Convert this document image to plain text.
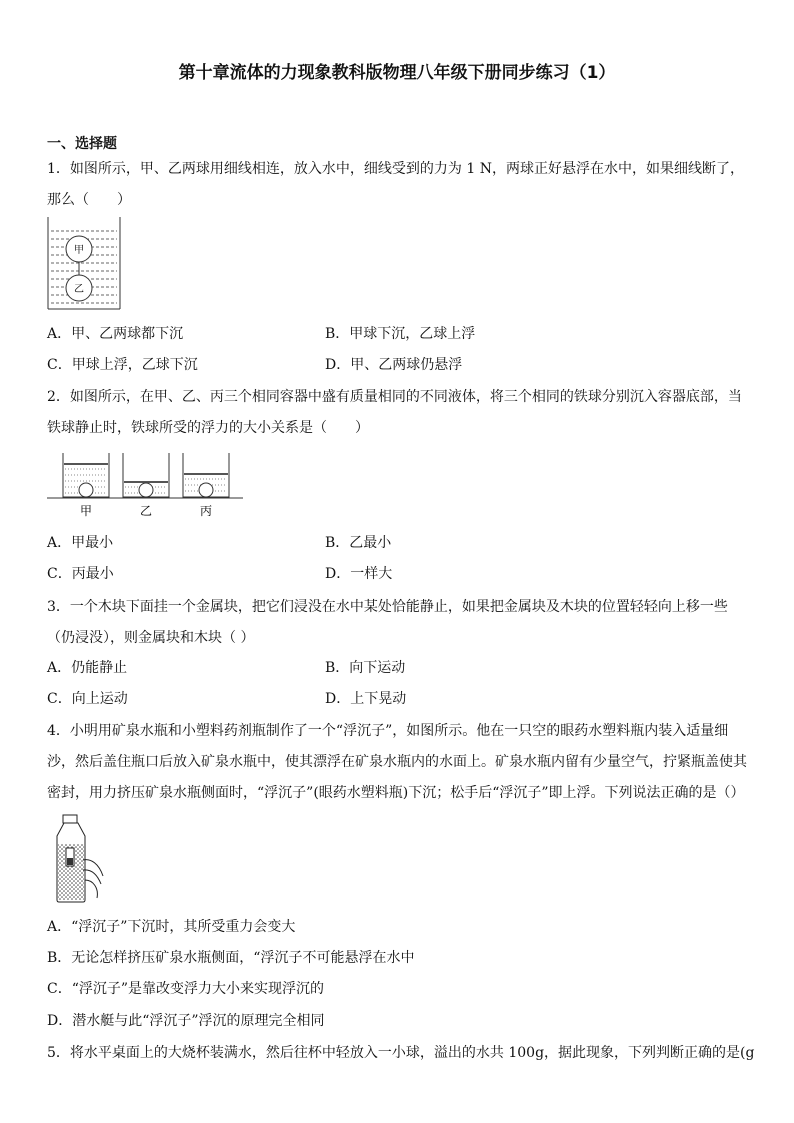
第十章流体的力现象教科版物理八年级下册同步练习（1）
一、选择题
1．如图所示，甲、乙两球用细线相连，放入水中，细线受到的力为 1 N，两球正好悬浮在水中，如果细线断了，那么（　　）
甲
乙
A．甲、乙两球都下沉	B．甲球下沉，乙球上浮
C．甲球上浮，乙球下沉	D．甲、乙两球仍悬浮
2．如图所示，在甲、乙、丙三个相同容器中盛有质量相同的不同液体，将三个相同的铁球分别沉入容器底部，当铁球静止时，铁球所受的浮力的大小关系是（　　）
甲	乙	丙
A．甲最小	B．乙最小
C．丙最小	D．一样大
3．一个木块下面挂一个金属块，把它们浸没在水中某处恰能静止，如果把金属块及木块的位置轻轻向上移一些（仍浸没），则金属块和木块（ ）
A．仍能静止	B．向下运动
C．向上运动	D．上下晃动
4．小明用矿泉水瓶和小塑料药剂瓶制作了一个“浮沉子”，如图所示。他在一只空的眼药水塑料瓶内装入适量细沙，然后盖住瓶口后放入矿泉水瓶中，使其漂浮在矿泉水瓶内的水面上。矿泉水瓶内留有少量空气，拧紧瓶盖使其密封，用力挤压矿泉水瓶侧面时，“浮沉子”(眼药水塑料瓶)下沉；松手后“浮沉子”即上浮。下列说法正确的是（）
A．“浮沉子”下沉时，其所受重力会变大
B．无论怎样挤压矿泉水瓶侧面，“浮沉子不可能悬浮在水中
C．“浮沉子”是靠改变浮力大小来实现浮沉的
D．潜水艇与此“浮沉子”浮沉的原理完全相同
5．将水平桌面上的大烧杯装满水，然后往杯中轻放入一小球，溢出的水共 100g，据此现象，下列判断正确的是(g
